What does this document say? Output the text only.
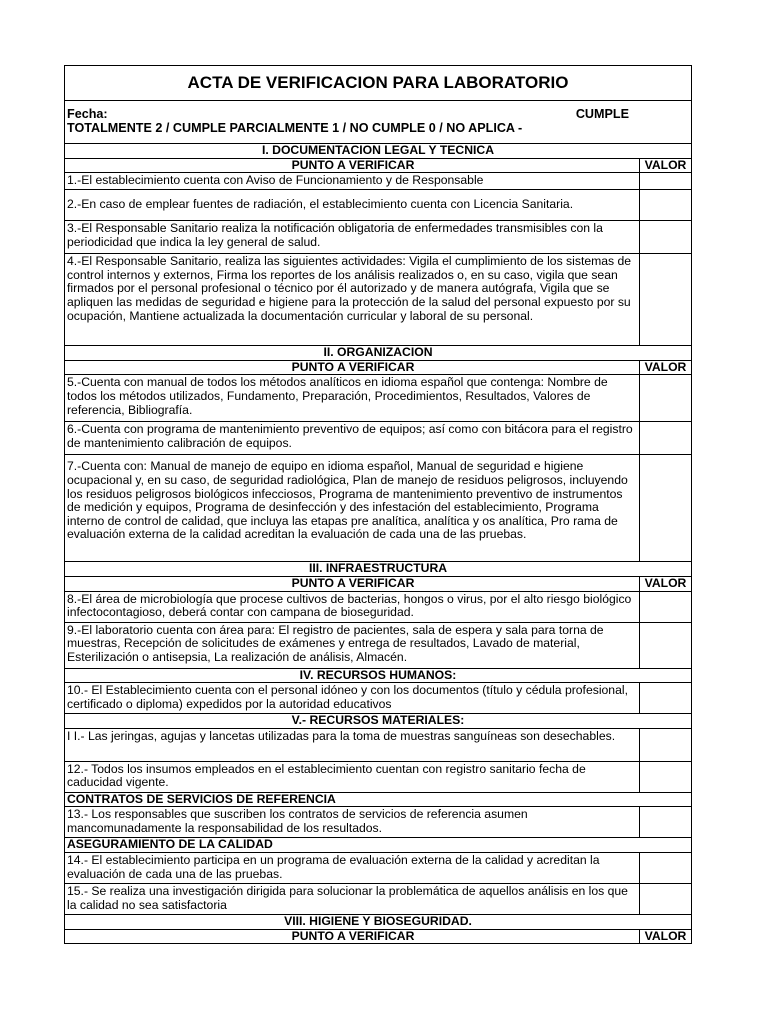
ACTA DE VERIFICACION PARA LABORATORIO	

Fecha: CUMPLE
TOTALMENTE 2 / CUMPLE PARCIALMENTE 1 / NO CUMPLE 0 / NO APLICA -	

I. DOCUMENTACION LEGAL Y TECNICA	
PUNTO A VERIFICAR	VALOR
1.-El establecimiento cuenta con Aviso de Funcionamiento y de Responsable	
2.-En caso de emplear fuentes de radiación, el establecimiento cuenta con Licencia Sanitaria.	
3.-El Responsable Sanitario realiza la notificación obligatoria de enfermedades transmisibles con la periodicidad que indica la ley general de salud.	
4.-El Responsable Sanitario, realiza las siguientes actividades: Vigila el cumplimiento de los sistemas de control internos y externos, Firma los reportes de los análisis realizados o, en su caso, vigila que sean firmados por el personal profesional o técnico por él autorizado y de manera autógrafa, Vigila que se apliquen las medidas de seguridad e higiene para la protección de la salud del personal expuesto por su ocupación, Mantiene actualizada la documentación curricular y laboral de su personal.	
II. ORGANIZACION	
PUNTO A VERIFICAR	VALOR
5.-Cuenta con manual de todos los métodos analíticos en idioma español que contenga: Nombre de todos los métodos utilizados, Fundamento, Preparación, Procedimientos, Resultados, Valores de referencia, Bibliografía.	
6.-Cuenta con programa de mantenimiento preventivo de equipos; así como con bitácora para el registro de mantenimiento calibración de equipos.	
7.-Cuenta con: Manual de manejo de equipo en idioma español, Manual de seguridad e higiene ocupacional y, en su caso, de seguridad radiológica, Plan de manejo de residuos peligrosos, incluyendo los residuos peligrosos biológicos infecciosos, Programa de mantenimiento preventivo de instrumentos de medición y equipos, Programa de desinfección y des infestación del establecimiento, Programa interno de control de calidad, que incluya las etapas pre analítica, analítica y os analítica, Pro rama de evaluación externa de la calidad acreditan la evaluación de cada una de las pruebas.	
III. INFRAESTRUCTURA	
PUNTO A VERIFICAR	VALOR
8.-El área de microbiología que procese cultivos de bacterias, hongos o virus, por el alto riesgo biológico infectocontagioso, deberá contar con campana de bioseguridad.	
9.-El laboratorio cuenta con área para: El registro de pacientes, sala de espera y sala para torna de muestras, Recepción de solicitudes de exámenes y entrega de resultados, Lavado de material, Esterilización o antisepsia, La realización de análisis, Almacén.	
IV. RECURSOS HUMANOS:	
10.- El Establecimiento cuenta con el personal idóneo y con los documentos (título y cédula profesional, certificado o diploma) expedidos por la autoridad educativos	
V.- RECURSOS MATERIALES:	
I I.- Las jeringas, agujas y lancetas utilizadas para la toma de muestras sanguíneas son desechables.	
12.- Todos los insumos empleados en el establecimiento cuentan con registro sanitario fecha de caducidad vigente.	
CONTRATOS DE SERVICIOS DE REFERENCIA	
13.- Los responsables que suscriben los contratos de servicios de referencia asumen mancomunadamente la responsabilidad de los resultados.	
ASEGURAMIENTO DE LA CALIDAD	
14.- El establecimiento participa en un programa de evaluación externa de la calidad y acreditan la evaluación de cada una de las pruebas.	
15.- Se realiza una investigación dirigida para solucionar la problemática de aquellos análisis en los que la calidad no sea satisfactoria	
VIII. HIGIENE Y BIOSEGURIDAD.	
PUNTO A VERIFICAR	VALOR
